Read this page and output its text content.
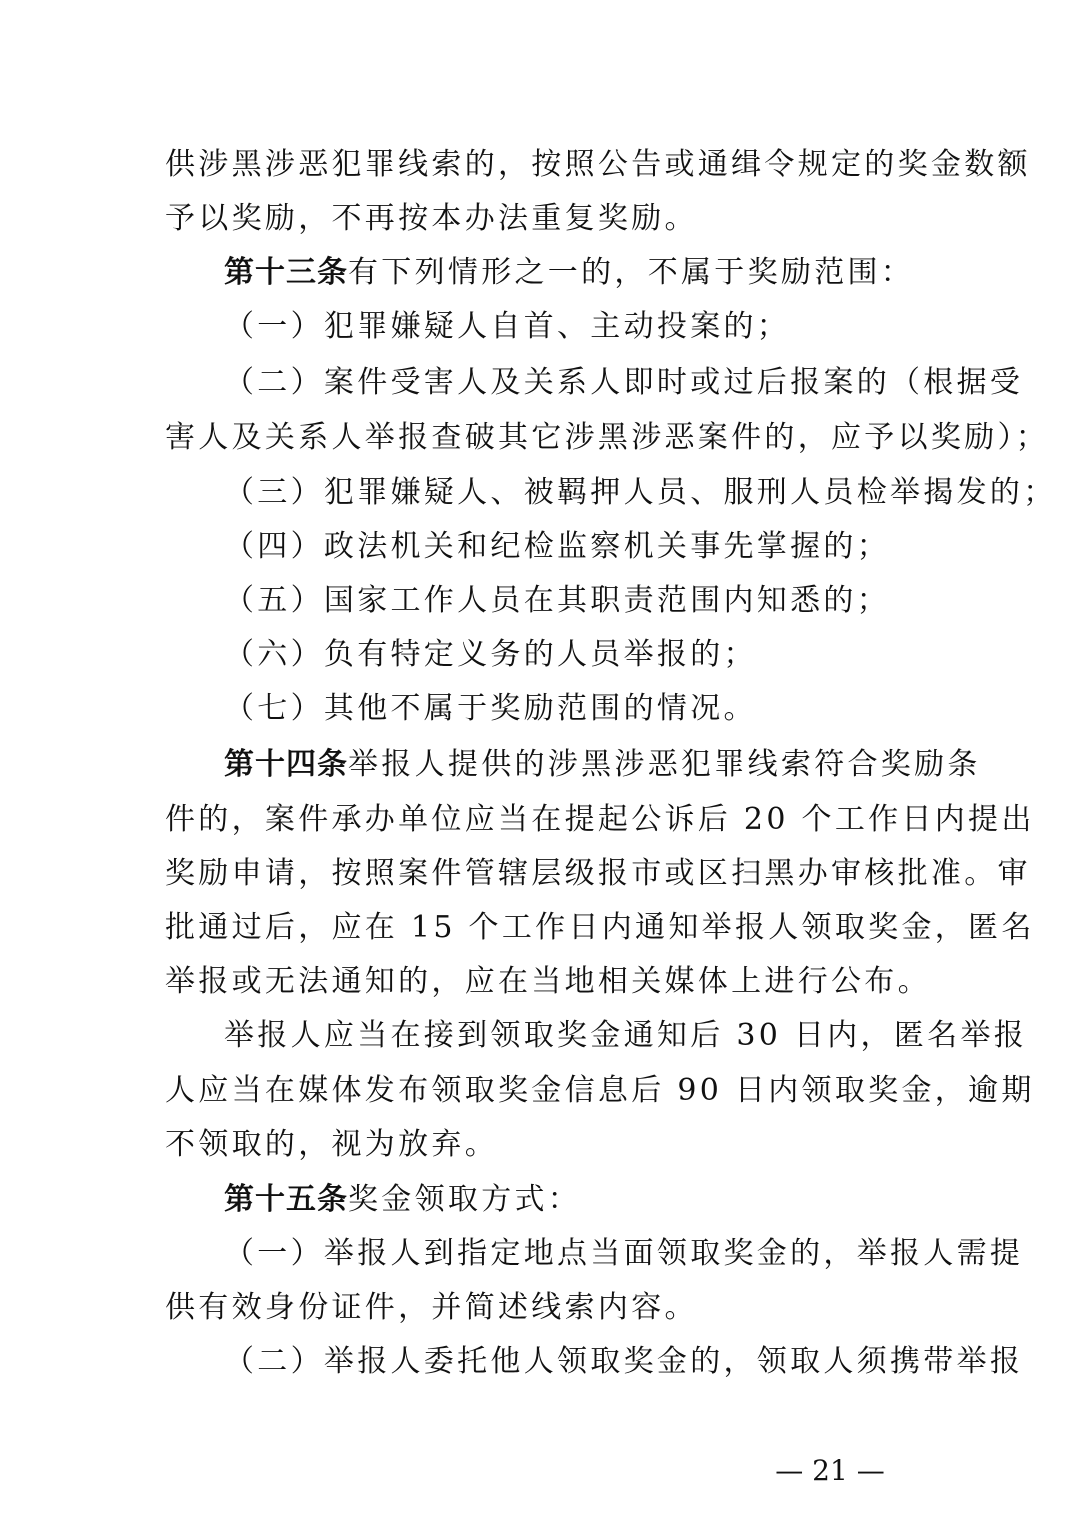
供涉黑涉恶犯罪线索的，按照公告或通缉令规定的奖金数额
予以奖励，不再按本办法重复奖励。
第十三条有下列情形之一的，不属于奖励范围：
（一）犯罪嫌疑人自首、主动投案的；
（二）案件受害人及关系人即时或过后报案的（根据受
害人及关系人举报查破其它涉黑涉恶案件的，应予以奖励）；
（三）犯罪嫌疑人、被羁押人员、服刑人员检举揭发的；
（四）政法机关和纪检监察机关事先掌握的；
（五）国家工作人员在其职责范围内知悉的；
（六）负有特定义务的人员举报的；
（七）其他不属于奖励范围的情况。
第十四条举报人提供的涉黑涉恶犯罪线索符合奖励条
件的，案件承办单位应当在提起公诉后 20 个工作日内提出
奖励申请，按照案件管辖层级报市或区扫黑办审核批准。审
批通过后，应在 15 个工作日内通知举报人领取奖金，匿名
举报或无法通知的，应在当地相关媒体上进行公布。
举报人应当在接到领取奖金通知后 30 日内，匿名举报
人应当在媒体发布领取奖金信息后 90 日内领取奖金，逾期
不领取的，视为放弃。
第十五条奖金领取方式：
（一）举报人到指定地点当面领取奖金的，举报人需提
供有效身份证件，并简述线索内容。
（二）举报人委托他人领取奖金的，领取人须携带举报
— 21 —
